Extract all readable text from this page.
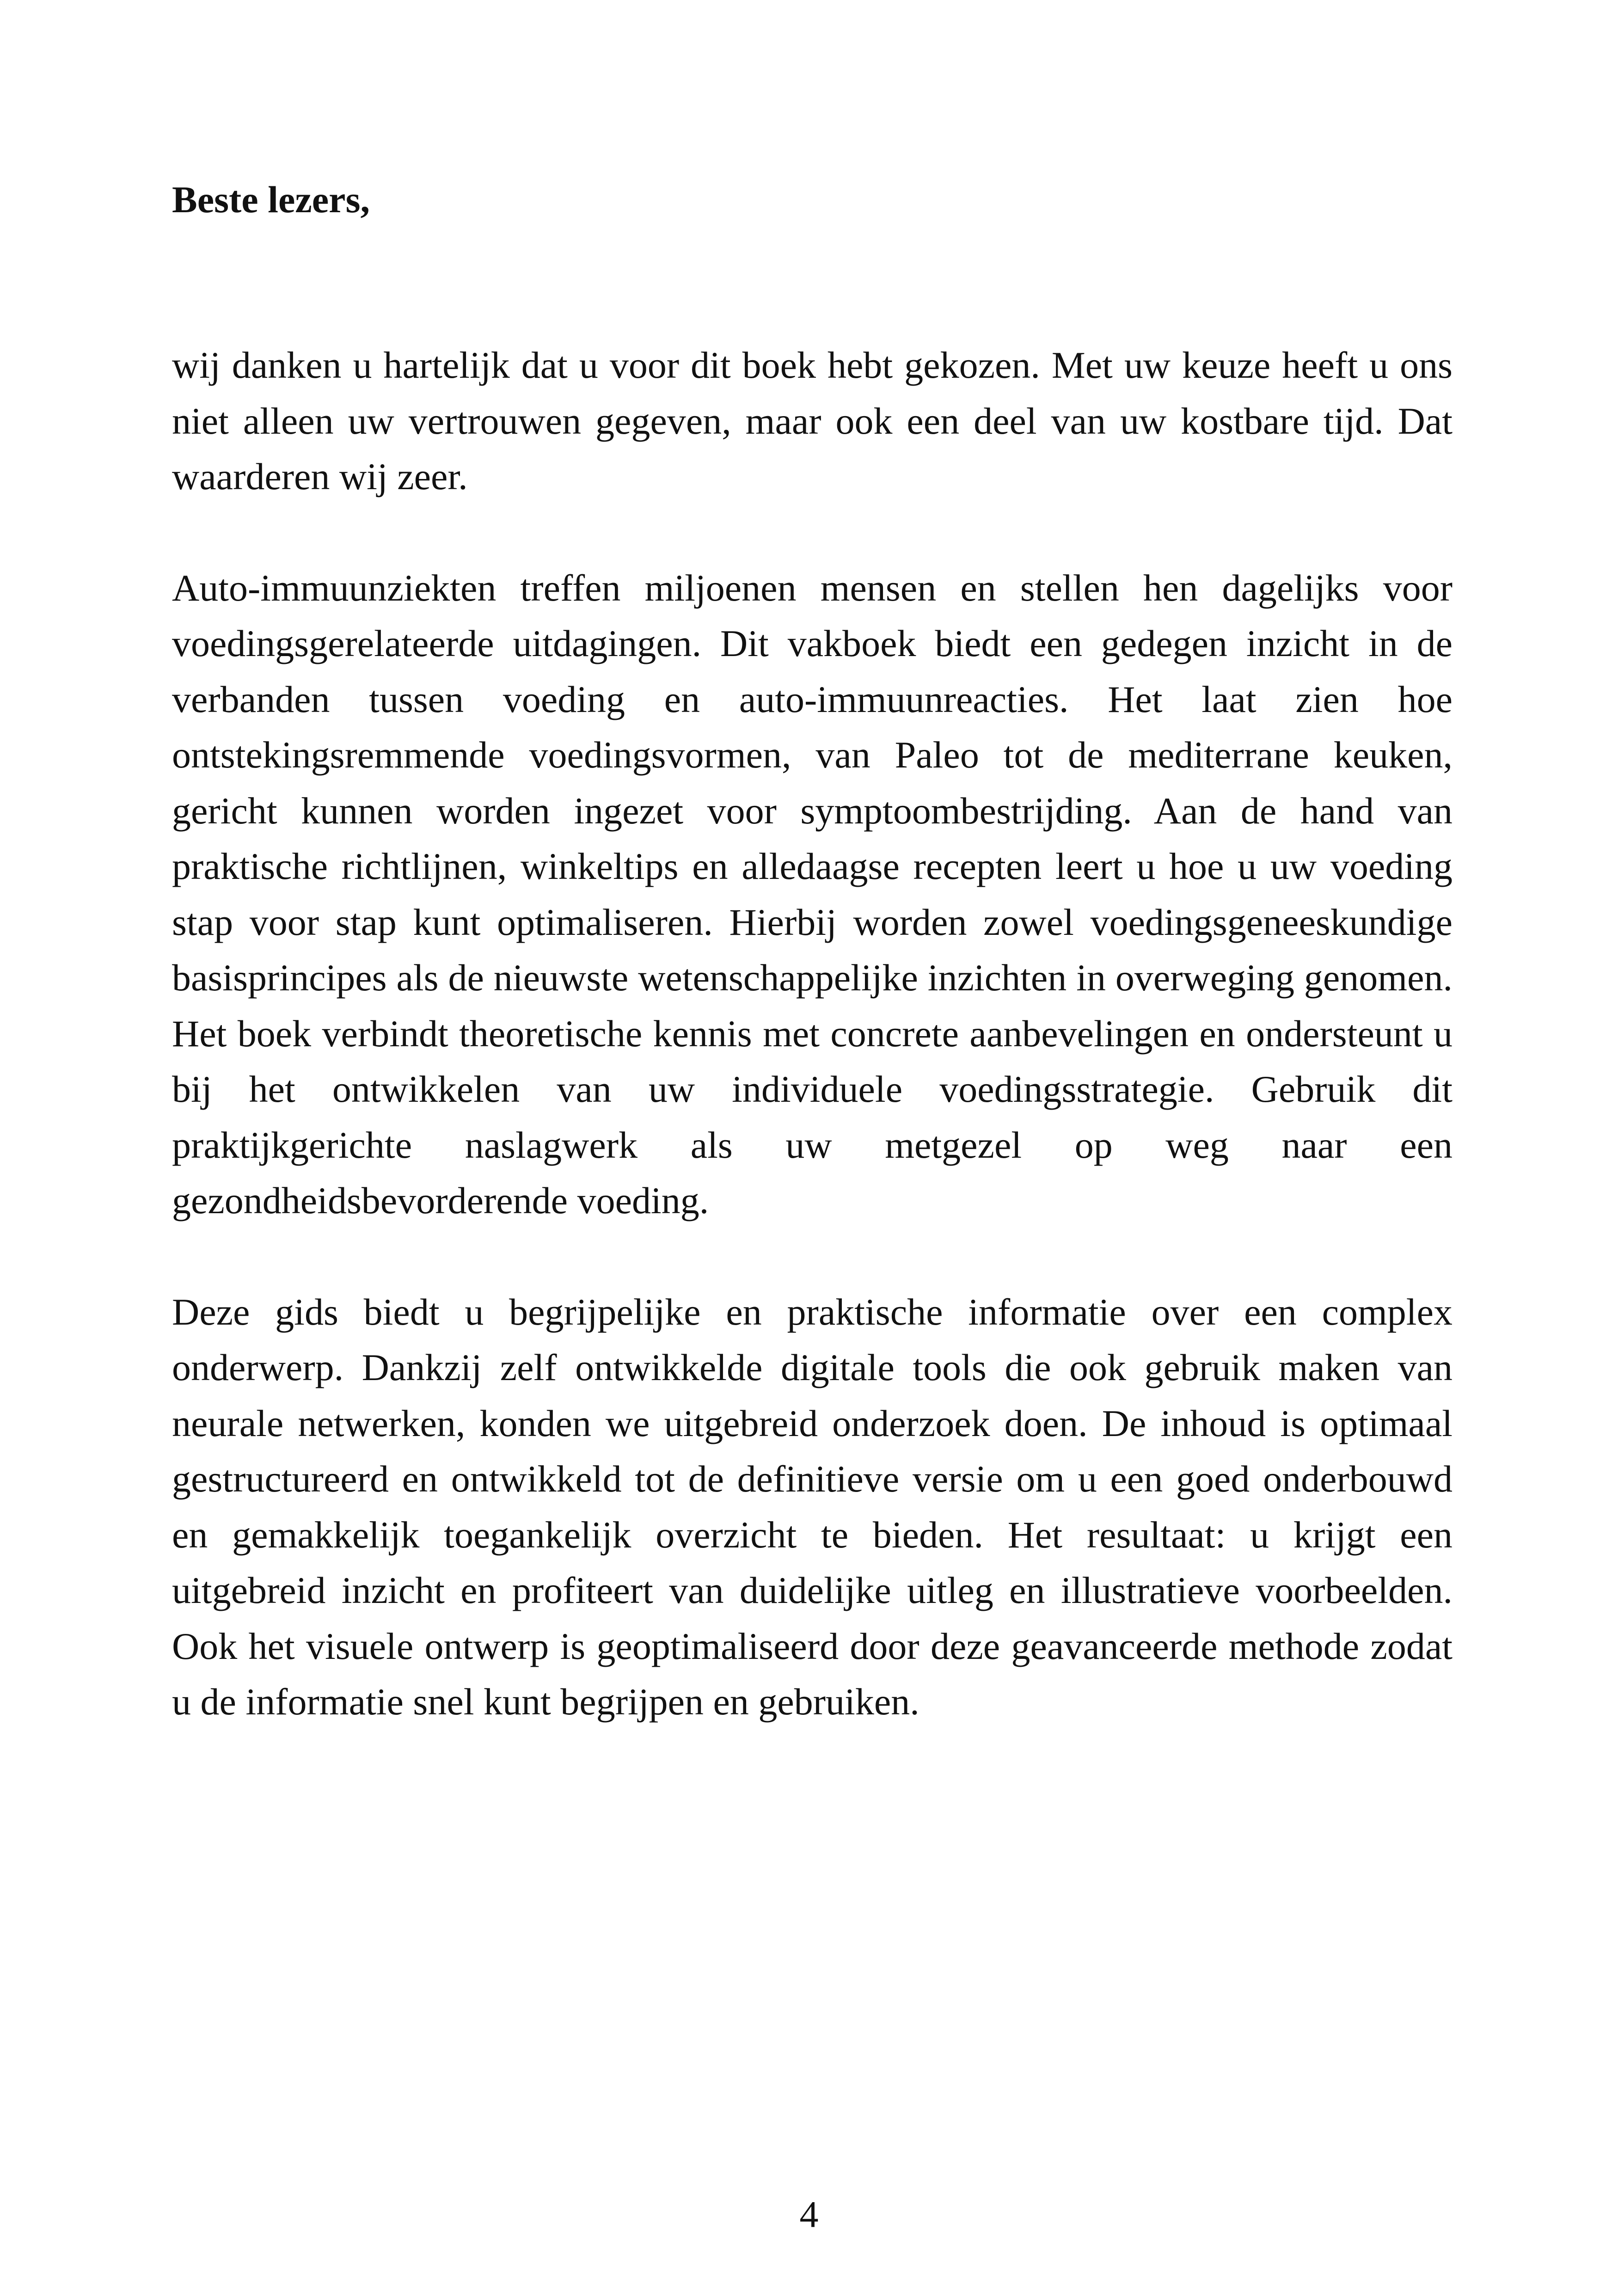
Beste lezers,

wij danken u hartelijk dat u voor dit boek hebt gekozen. Met uw keuze heeft u ons niet alleen uw vertrouwen gegeven, maar ook een deel van uw kostbare tijd. Dat waarderen wij zeer.

Auto-immuunziekten treffen miljoenen mensen en stellen hen dagelijks voor voedingsgerelateerde uitdagingen. Dit vakboek biedt een gedegen inzicht in de verbanden tussen voeding en auto-immuunreacties. Het laat zien hoe ontstekingsremmende voedingsvormen, van Paleo tot de mediterrane keuken, gericht kunnen worden ingezet voor symptoombestrijding. Aan de hand van praktische richtlijnen, winkeltips en alledaagse recepten leert u hoe u uw voeding stap voor stap kunt optimaliseren. Hierbij worden zowel voedingsgeneeskundige basisprincipes als de nieuwste wetenschappelijke inzichten in overweging genomen. Het boek verbindt theoretische kennis met concrete aanbevelingen en ondersteunt u bij het ontwikkelen van uw individuele voedingsstrategie. Gebruik dit praktijkgerichte naslagwerk als uw metgezel op weg naar een gezondheidsbevorderende voeding.

Deze gids biedt u begrijpelijke en praktische informatie over een complex onderwerp. Dankzij zelf ontwikkelde digitale tools die ook gebruik maken van neurale netwerken, konden we uitgebreid onderzoek doen. De inhoud is optimaal gestructureerd en ontwikkeld tot de definitieve versie om u een goed onderbouwd en gemakkelijk toegankelijk overzicht te bieden. Het resultaat: u krijgt een uitgebreid inzicht en profiteert van duidelijke uitleg en illustratieve voorbeelden. Ook het visuele ontwerp is geoptimaliseerd door deze geavanceerde methode zodat u de informatie snel kunt begrijpen en gebruiken.

4
